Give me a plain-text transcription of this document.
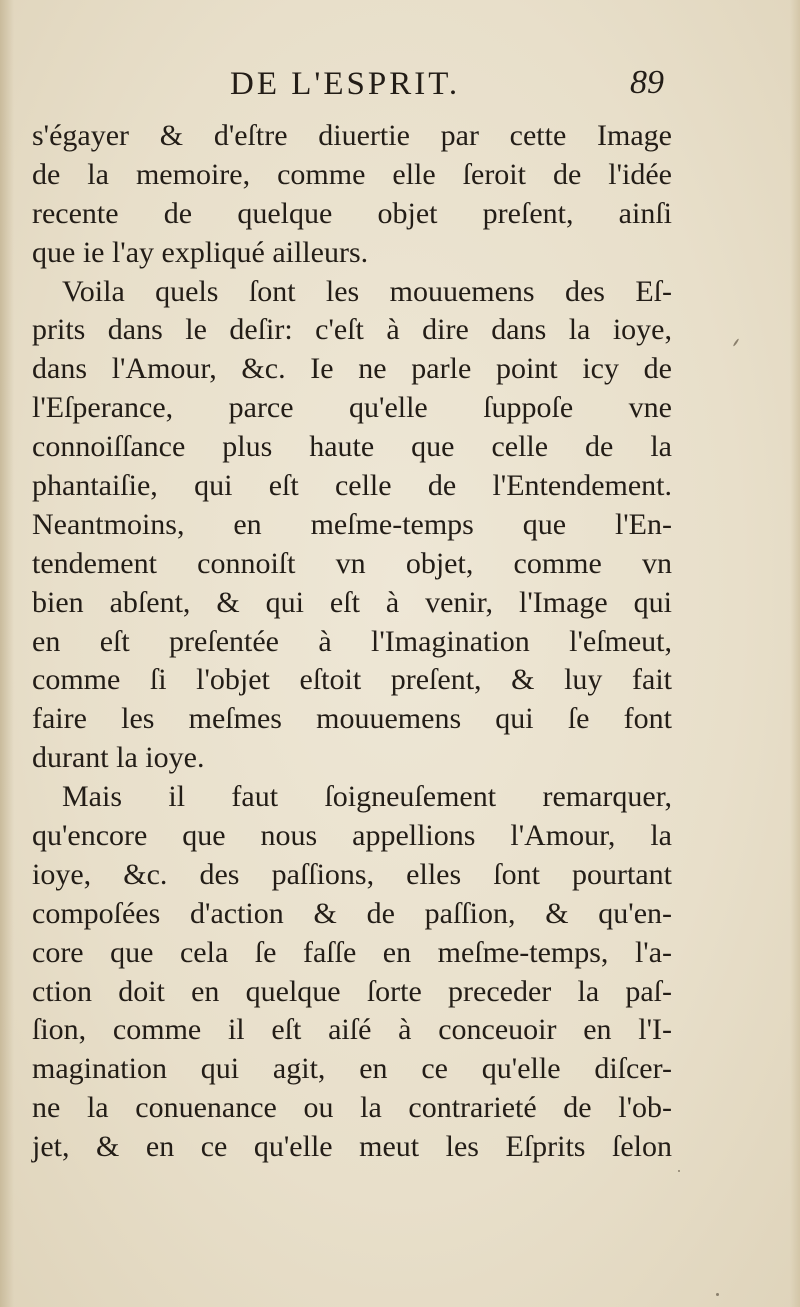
DE L'ESPRIT.	89
s'égayer & d'eſtre diuertie par cette Image
de la memoire, comme elle ſeroit de l'idée
recente de quelque objet preſent, ainſi
que ie l'ay expliqué ailleurs.
Voila quels ſont les mouuemens des Eſ-
prits dans le deſir: c'eſt à dire dans la ioye,
dans l'Amour, &c. Ie ne parle point icy de
l'Eſperance, parce qu'elle ſuppoſe vne
connoiſſance plus haute que celle de la
phantaiſie, qui eſt celle de l'Entendement.
Neantmoins, en meſme-temps que l'En-
tendement connoiſt vn objet, comme vn
bien abſent, & qui eſt à venir, l'Image qui
en eſt preſentée à l'Imagination l'eſmeut,
comme ſi l'objet eſtoit preſent, & luy fait
faire les meſmes mouuemens qui ſe font
durant la ioye.
Mais il faut ſoigneuſement remarquer,
qu'encore que nous appellions l'Amour, la
ioye, &c. des paſſions, elles ſont pourtant
compoſées d'action & de paſſion, & qu'en-
core que cela ſe faſſe en meſme-temps, l'a-
ction doit en quelque ſorte preceder la paſ-
ſion, comme il eſt aiſé à conceuoir en l'I-
magination qui agit, en ce qu'elle diſcer-
ne la conuenance ou la contrarieté de l'ob-
jet, & en ce qu'elle meut les Eſprits ſelon
